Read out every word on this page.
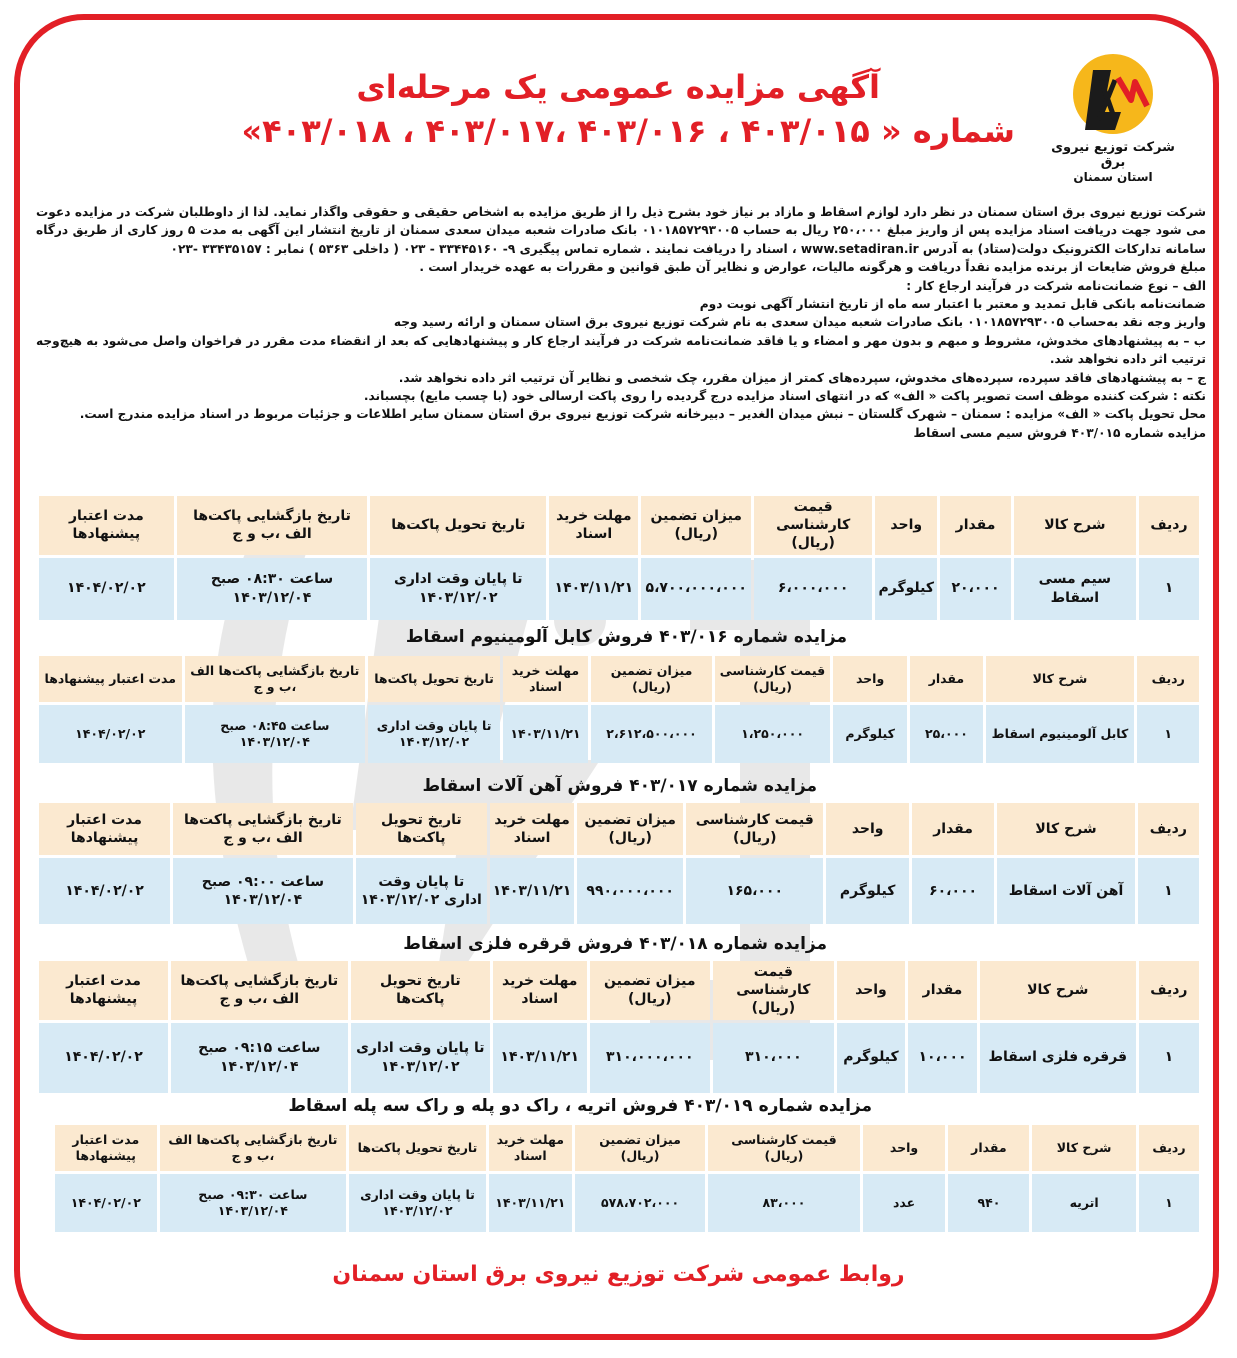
شرکت توزیع نیروی برق
استان سمنان
آگهی مزایده عمومی یک مرحله‌ای
شماره « ۴۰۳/۰۱۵ ، ۴۰۳/۰۱۶ ،۴۰۳/۰۱۷ ، ۴۰۳/۰۱۸»

شرکت توزیع نیروی برق استان سمنان در نظر دارد لوازم اسقاط و مازاد بر نیاز خود بشرح ذیل را از طریق مزایده به اشخاص حقیقی و حقوقی واگذار نماید. لذا از داوطلبان شرکت در مزایده دعوت می شود جهت دریافت اسناد مزایده پس از واریز مبلغ ۲۵۰،۰۰۰ ریال به حساب ۰۱۰۱۸۵۷۲۹۳۰۰۵ بانک صادرات شعبه میدان سعدی سمنان از تاریخ انتشار این آگهی به مدت ۵ روز کاری از طریق درگاه سامانه تدارکات الکترونیک دولت(ستاد) به آدرس www.setadiran.ir ، اسناد را دریافت نمایند . شماره تماس پیگیری ۹- ۳۳۴۴۵۱۶۰ - ۰۲۳ ( داخلی ۵۳۶۳ ) نمابر : ۳۳۴۳۵۱۵۷ -۰۲۳

مبلغ فروش ضایعات از برنده مزایده نقداً دریافت و هرگونه مالیات، عوارض و نظایر آن طبق قوانین و مقررات به عهده خریدار است .

الف – نوع ضمانت‌نامه شرکت در فرآیند ارجاع کار :

ضمانت‌نامه بانکی قابل تمدید و معتبر با اعتبار سه ماه از تاریخ انتشار آگهی نوبت دوم

واریز وجه نقد به‌حساب ۰۱۰۱۸۵۷۲۹۳۰۰۵ بانک صادرات شعبه میدان سعدی به نام شرکت توزیع نیروی برق استان سمنان و ارائه رسید وجه

ب – به پیشنهادهای مخدوش، مشروط و مبهم و بدون مهر و امضاء و یا فاقد ضمانت‌نامه شرکت در فرآیند ارجاع کار و پیشنهادهایی که بعد از انقضاء مدت مقرر در فراخوان واصل می‌شود به هیچ‌وجه ترتیب اثر داده نخواهد شد.

ج – به پیشنهادهای فاقد سپرده، سپرده‌های مخدوش، سپرده‌های کمتر از میزان مقرر، چک شخصی و نظایر آن ترتیب اثر داده نخواهد شد.

نکته : شرکت کننده موظف است تصویر پاکت « الف» که در انتهای اسناد مزایده درج گردیده را روی پاکت ارسالی خود (با چسب مایع) بچسباند.

محل تحویل پاکت « الف» مزایده : سمنان – شهرک گلستان – نبش میدان الغدیر – دبیرخانه شرکت توزیع نیروی برق استان سمنان سایر اطلاعات و جزئیات مربوط در اسناد مزایده مندرج است.

مزایده شماره ۴۰۳/۰۱۵ فروش سیم مسی اسقاط

ردیف	شرح کالا	مقدار	واحد	قیمت کارشناسی (ریال)	میزان تضمین (ریال)	مهلت خرید اسناد	تاریخ تحویل پاکت‌ها	تاریخ بازگشایی پاکت‌ها الف ،ب و ج	مدت اعتبار پیشنهادها
۱	سیم مسی اسقاط	۲۰،۰۰۰	کیلوگرم	۶،۰۰۰،۰۰۰	۵،۷۰۰،۰۰۰،۰۰۰	۱۴۰۳/۱۱/۲۱	تا پایان وقت اداری ۱۴۰۳/۱۲/۰۲	ساعت ۰۸:۳۰ صبح ۱۴۰۳/۱۲/۰۴	۱۴۰۴/۰۲/۰۲
مزایده شماره ۴۰۳/۰۱۶ فروش کابل آلومینیوم اسقاط
ردیف	شرح کالا	مقدار	واحد	قیمت کارشناسی (ریال)	میزان تضمین (ریال)	مهلت خرید اسناد	تاریخ تحویل پاکت‌ها	تاریخ بازگشایی پاکت‌ها الف ،ب و ج	مدت اعتبار پیشنهادها
۱	کابل آلومینیوم اسقاط	۲۵،۰۰۰	کیلوگرم	۱،۲۵۰،۰۰۰	۲،۶۱۲،۵۰۰،۰۰۰	۱۴۰۳/۱۱/۲۱	تا پایان وقت اداری ۱۴۰۳/۱۲/۰۲	ساعت ۰۸:۴۵ صبح ۱۴۰۳/۱۲/۰۴	۱۴۰۴/۰۲/۰۲
مزایده شماره ۴۰۳/۰۱۷ فروش آهن آلات اسقاط
ردیف	شرح کالا	مقدار	واحد	قیمت کارشناسی (ریال)	میزان تضمین (ریال)	مهلت خرید اسناد	تاریخ تحویل پاکت‌ها	تاریخ بازگشایی پاکت‌ها الف ،ب و ج	مدت اعتبار پیشنهادها
۱	آهن آلات اسقاط	۶۰،۰۰۰	کیلوگرم	۱۶۵،۰۰۰	۹۹۰،۰۰۰،۰۰۰	۱۴۰۳/۱۱/۲۱	تا پایان وقت اداری ۱۴۰۳/۱۲/۰۲	ساعت ۰۹:۰۰ صبح ۱۴۰۳/۱۲/۰۴	۱۴۰۴/۰۲/۰۲
مزایده شماره ۴۰۳/۰۱۸ فروش قرقره فلزی اسقاط
ردیف	شرح کالا	مقدار	واحد	قیمت کارشناسی (ریال)	میزان تضمین (ریال)	مهلت خرید اسناد	تاریخ تحویل پاکت‌ها	تاریخ بازگشایی پاکت‌ها الف ،ب و ج	مدت اعتبار پیشنهادها
۱	قرقره فلزی اسقاط	۱۰،۰۰۰	کیلوگرم	۳۱۰،۰۰۰	۳۱۰،۰۰۰،۰۰۰	۱۴۰۳/۱۱/۲۱	تا پایان وقت اداری ۱۴۰۳/۱۲/۰۲	ساعت ۰۹:۱۵ صبح ۱۴۰۳/۱۲/۰۴	۱۴۰۴/۰۲/۰۲
مزایده شماره ۴۰۳/۰۱۹ فروش اتریه ، راک دو پله و راک سه پله اسقاط
ردیف	شرح کالا	مقدار	واحد	قیمت کارشناسی (ریال)	میزان تضمین (ریال)	مهلت خرید اسناد	تاریخ تحویل پاکت‌ها	تاریخ بازگشایی پاکت‌ها الف ،ب و ج	مدت اعتبار پیشنهادها
۱	اتریه	۹۴۰	عدد	۸۳،۰۰۰	۵۷۸،۷۰۲،۰۰۰	۱۴۰۳/۱۱/۲۱	تا پایان وقت اداری ۱۴۰۳/۱۲/۰۲	ساعت ۰۹:۳۰ صبح ۱۴۰۳/۱۲/۰۴	۱۴۰۴/۰۲/۰۲
روابط عمومی شرکت توزیع نیروی برق استان سمنان
